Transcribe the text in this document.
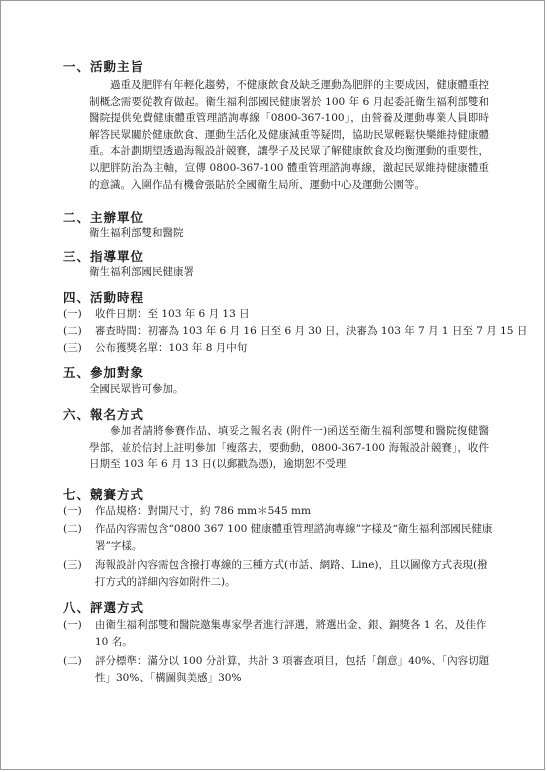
一、活動主旨

過重及肥胖有年輕化趨勢，不健康飲食及缺乏運動為肥胖的主要成因，健康體重控制概念需要從教育做起。衛生福利部國民健康署於 100 年 6 月起委託衛生福利部雙和醫院提供免費健康體重管理諮詢專線「0800-367-100」，由營養及運動專業人員即時解答民眾關於健康飲食、運動生活化及健康減重等疑問，協助民眾輕鬆快樂維持健康體重。本計劃期望透過海報設計競賽，讓學子及民眾了解健康飲食及均衡運動的重要性，以肥胖防治為主軸，宣傳 0800-367-100 體重管理諮詢專線，激起民眾維持健康體重的意識。入圍作品有機會張貼於全國衛生局所、運動中心及運動公園等。

二、主辦單位
衛生福利部雙和醫院
三、指導單位
衛生福利部國民健康署
四、活動時程
(一)	收件日期：至 103 年 6 月 13 日
(二)	審查時間：初審為 103 年 6 月 16 日至 6 月 30 日，決審為 103 年 7 月 1 日至 7 月 15 日
(三)	公布獲獎名單：103 年 8 月中旬
五、參加對象
全國民眾皆可參加。
六、報名方式

參加者請將參賽作品、填妥之報名表 (附件一)函送至衛生福利部雙和醫院復健醫學部，並於信封上註明參加「瘦落去，要動動，0800-367-100 海報設計競賽」，收件日期至 103 年 6 月 13 日(以郵戳為憑)，逾期恕不受理

七、競賽方式
(一)	作品規格：對開尺寸，約 786 mm＊545 mm
(二)	作品內容需包含“0800 367 100 健康體重管理諮詢專線”字樣及“衛生福利部國民健康署”字樣。
(三)	海報設計內容需包含撥打專線的三種方式(市話、網路、Line)，且以圖像方式表現(撥打方式的詳細內容如附件二)。
八、評選方式
(一)	由衛生福利部雙和醫院邀集專家學者進行評選，將選出金、銀、銅獎各 1 名，及佳作 10 名。
(二)	評分標準：滿分以 100 分計算，共計 3 項審查項目，包括「創意」40%、「內容切題性」30%、「構圖與美感」30%
